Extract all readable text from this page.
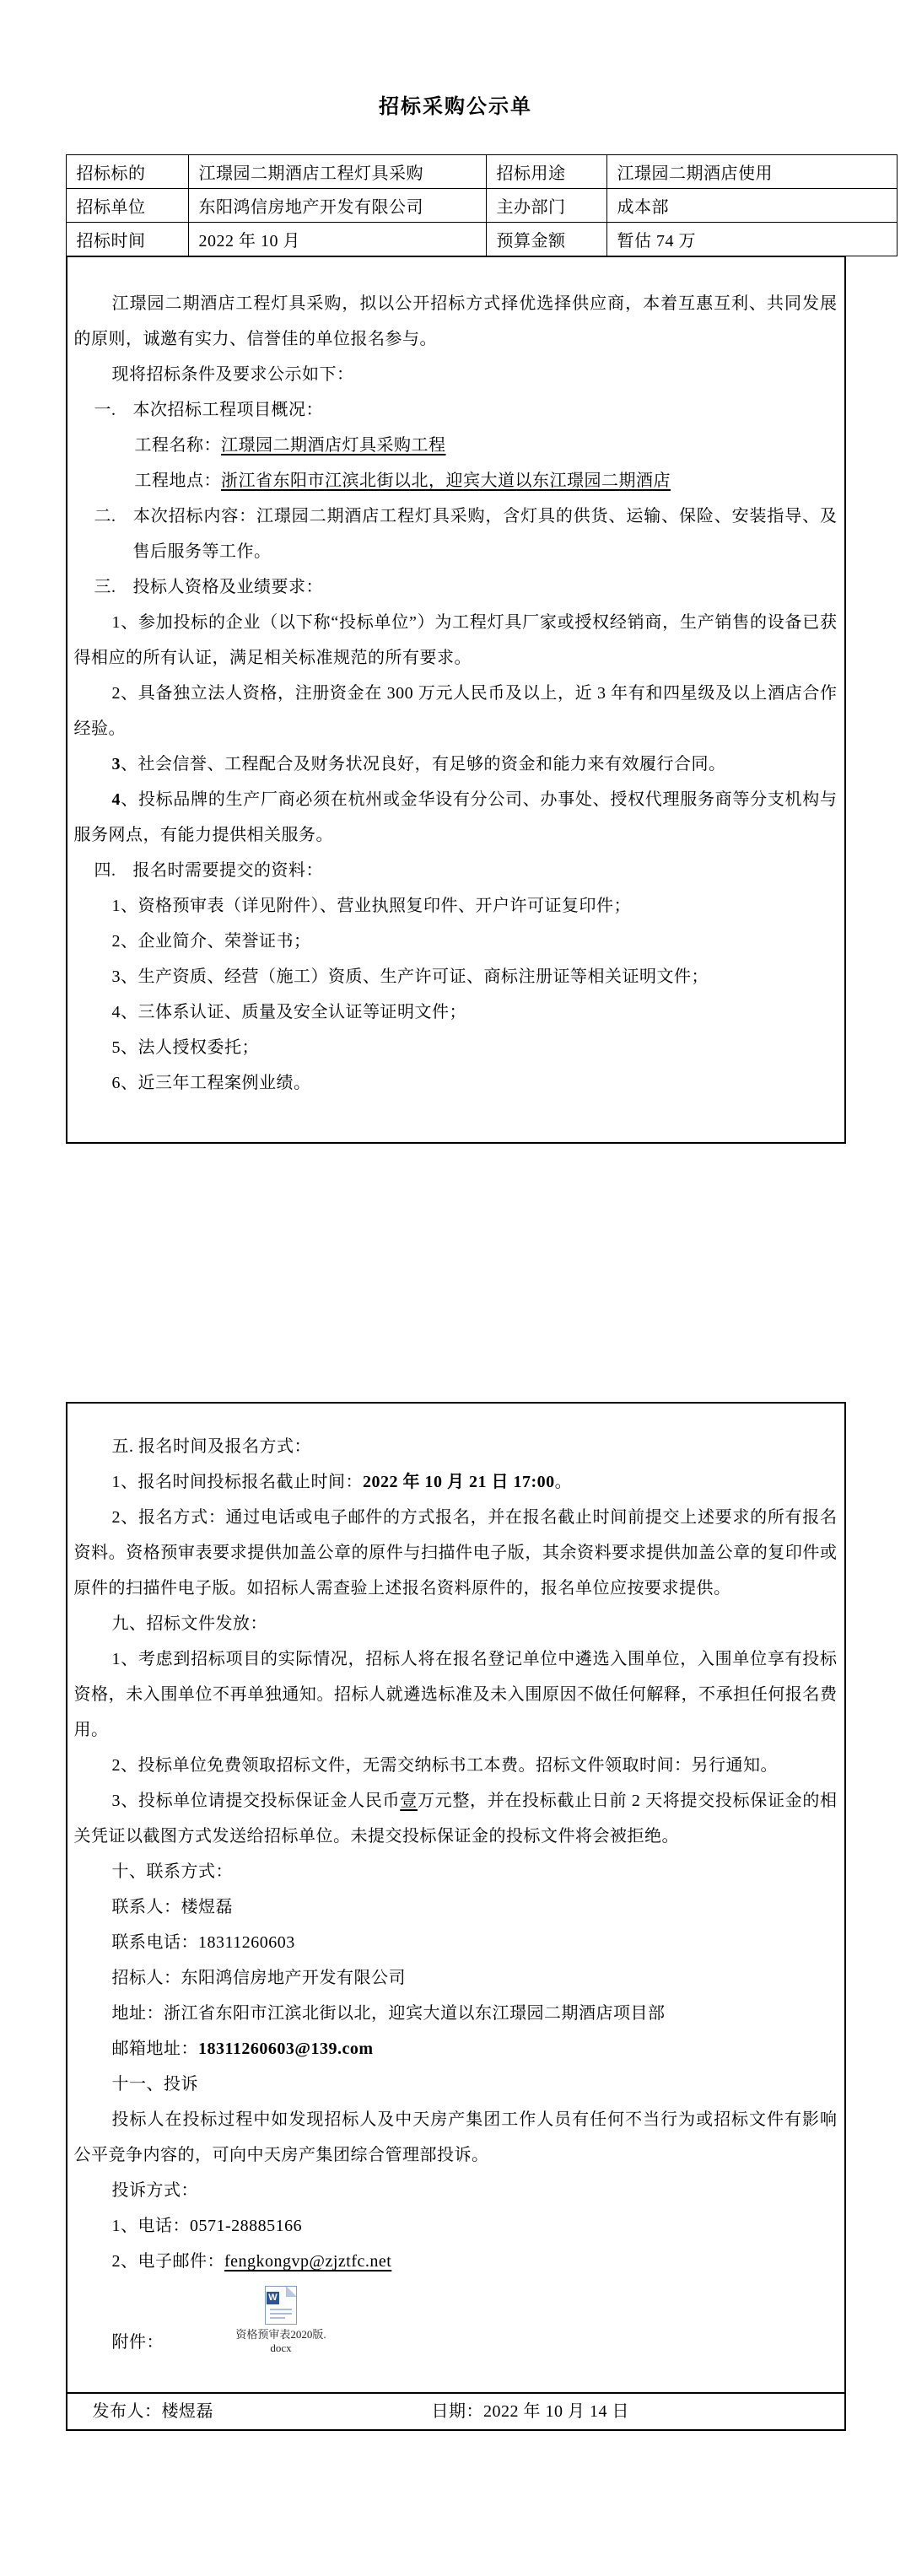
招标采购公示单
招标标的	江璟园二期酒店工程灯具采购	招标用途	江璟园二期酒店使用
招标单位	东阳鸿信房地产开发有限公司	主办部门	成本部
招标时间	2022 年 10 月	预算金额	暂估 74 万

江璟园二期酒店工程灯具采购，拟以公开招标方式择优选择供应商，本着互惠互利、共同发展的原则，诚邀有实力、信誉佳的单位报名参与。

现将招标条件及要求公示如下：

一. 本次招标工程项目概况：

工程名称：江璟园二期酒店灯具采购工程

工程地点：浙江省东阳市江滨北街以北，迎宾大道以东江璟园二期酒店

二. 本次招标内容：江璟园二期酒店工程灯具采购，含灯具的供货、运输、保险、安装指导、及售后服务等工作。

三. 投标人资格及业绩要求：

1、参加投标的企业（以下称“投标单位”）为工程灯具厂家或授权经销商，生产销售的设备已获得相应的所有认证，满足相关标准规范的所有要求。

2、具备独立法人资格，注册资金在 300 万元人民币及以上，近 3 年有和四星级及以上酒店合作经验。

3、社会信誉、工程配合及财务状况良好，有足够的资金和能力来有效履行合同。

4、投标品牌的生产厂商必须在杭州或金华设有分公司、办事处、授权代理服务商等分支机构与服务网点，有能力提供相关服务。

四. 报名时需要提交的资料：

1、资格预审表（详见附件）、营业执照复印件、开户许可证复印件；

2、企业简介、荣誉证书；

3、生产资质、经营（施工）资质、生产许可证、商标注册证等相关证明文件；

4、三体系认证、质量及安全认证等证明文件；

5、法人授权委托；

6、近三年工程案例业绩。

五. 报名时间及报名方式：

1、报名时间投标报名截止时间：2022 年 10 月 21 日 17:00。

2、报名方式：通过电话或电子邮件的方式报名，并在报名截止时间前提交上述要求的所有报名资料。资格预审表要求提供加盖公章的原件与扫描件电子版，其余资料要求提供加盖公章的复印件或原件的扫描件电子版。如招标人需查验上述报名资料原件的，报名单位应按要求提供。

九、招标文件发放：

1、考虑到招标项目的实际情况，招标人将在报名登记单位中遴选入围单位，入围单位享有投标资格，未入围单位不再单独通知。招标人就遴选标准及未入围原因不做任何解释，不承担任何报名费用。

2、投标单位免费领取招标文件，无需交纳标书工本费。招标文件领取时间：另行通知。

3、投标单位请提交投标保证金人民币壹万元整，并在投标截止日前 2 天将提交投标保证金的相关凭证以截图方式发送给招标单位。未提交投标保证金的投标文件将会被拒绝。

十、联系方式：

联系人：楼煜磊

联系电话：18311260603

招标人：东阳鸿信房地产开发有限公司

地址：浙江省东阳市江滨北街以北，迎宾大道以东江璟园二期酒店项目部

邮箱地址：18311260603@139.com

十一、投诉

投标人在投标过程中如发现招标人及中天房产集团工作人员有任何不当行为或招标文件有影响公平竞争内容的，可向中天房产集团综合管理部投诉。

投诉方式：

1、电话：0571-28885166

2、电子邮件：fengkongvp@zjztfc.net

附件：
W
资格预审表2020版.
docx
发布人：楼煜磊	日期：2022 年 10 月 14 日
